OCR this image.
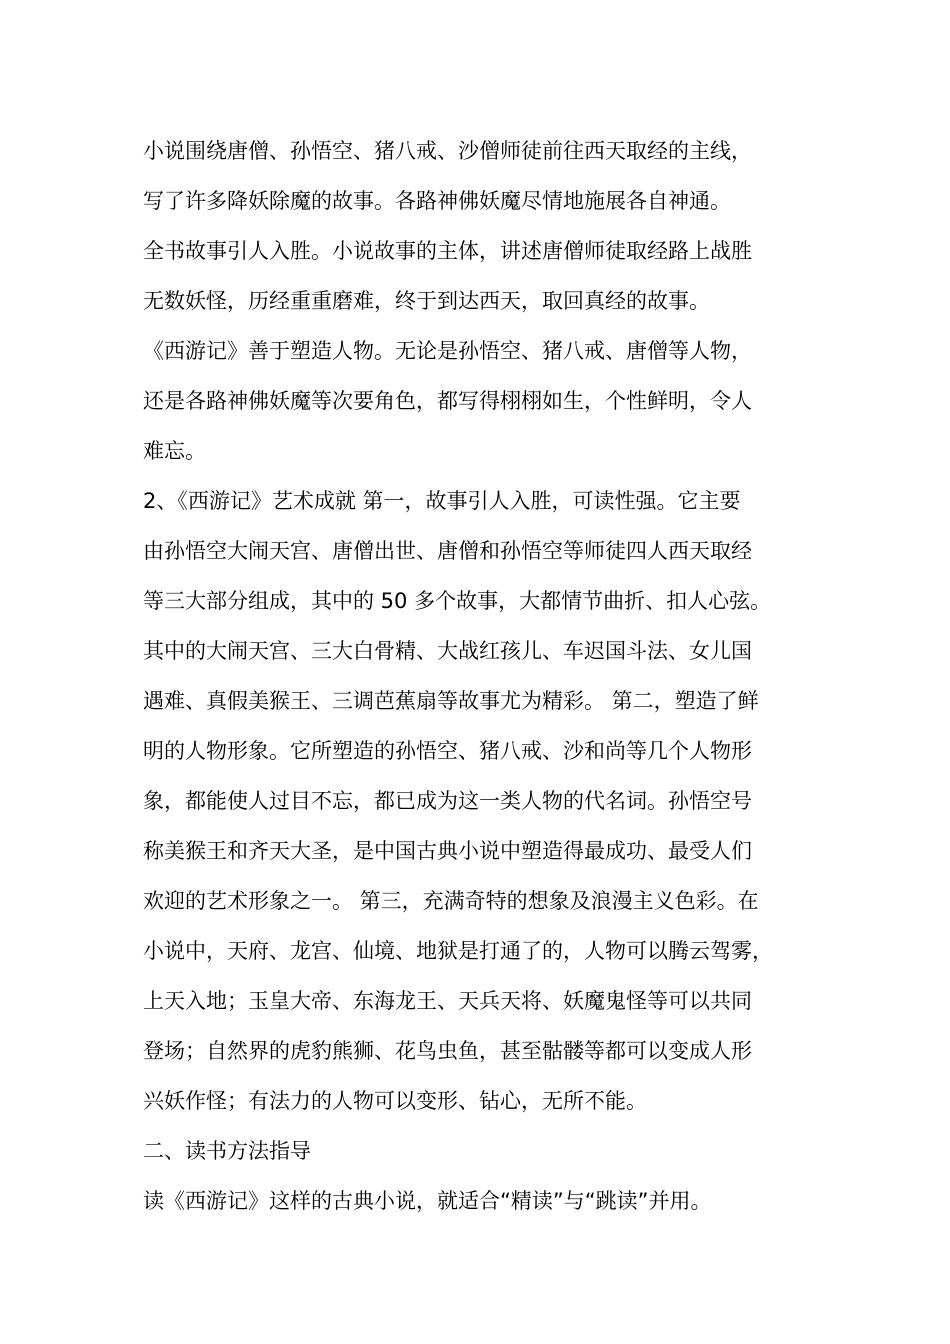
小说围绕唐僧、孙悟空、猪八戒、沙僧师徒前往西天取经的主线，
写了许多降妖除魔的故事。各路神佛妖魔尽情地施展各自神通。
全书故事引人入胜。小说故事的主体，讲述唐僧师徒取经路上战胜
无数妖怪，历经重重磨难，终于到达西天，取回真经的故事。
《西游记》善于塑造人物。无论是孙悟空、猪八戒、唐僧等人物，
还是各路神佛妖魔等次要角色，都写得栩栩如生，个性鲜明，令人
难忘。
2、《西游记》艺术成就 第一，故事引人入胜，可读性强。它主要
由孙悟空大闹天宫、唐僧出世、唐僧和孙悟空等师徒四人西天取经
等三大部分组成，其中的 50 多个故事，大都情节曲折、扣人心弦。
其中的大闹天宫、三大白骨精、大战红孩儿、车迟国斗法、女儿国
遇难、真假美猴王、三调芭蕉扇等故事尤为精彩。 第二，塑造了鲜
明的人物形象。它所塑造的孙悟空、猪八戒、沙和尚等几个人物形
象，都能使人过目不忘，都已成为这一类人物的代名词。孙悟空号
称美猴王和齐天大圣，是中国古典小说中塑造得最成功、最受人们
欢迎的艺术形象之一。 第三，充满奇特的想象及浪漫主义色彩。在
小说中，天府、龙宫、仙境、地狱是打通了的，人物可以腾云驾雾，
上天入地；玉皇大帝、东海龙王、天兵天将、妖魔鬼怪等可以共同
登场；自然界的虎豹熊狮、花鸟虫鱼，甚至骷髅等都可以变成人形
兴妖作怪；有法力的人物可以变形、钻心，无所不能。
二、读书方法指导
读《西游记》这样的古典小说，就适合“精读”与“跳读”并用。
